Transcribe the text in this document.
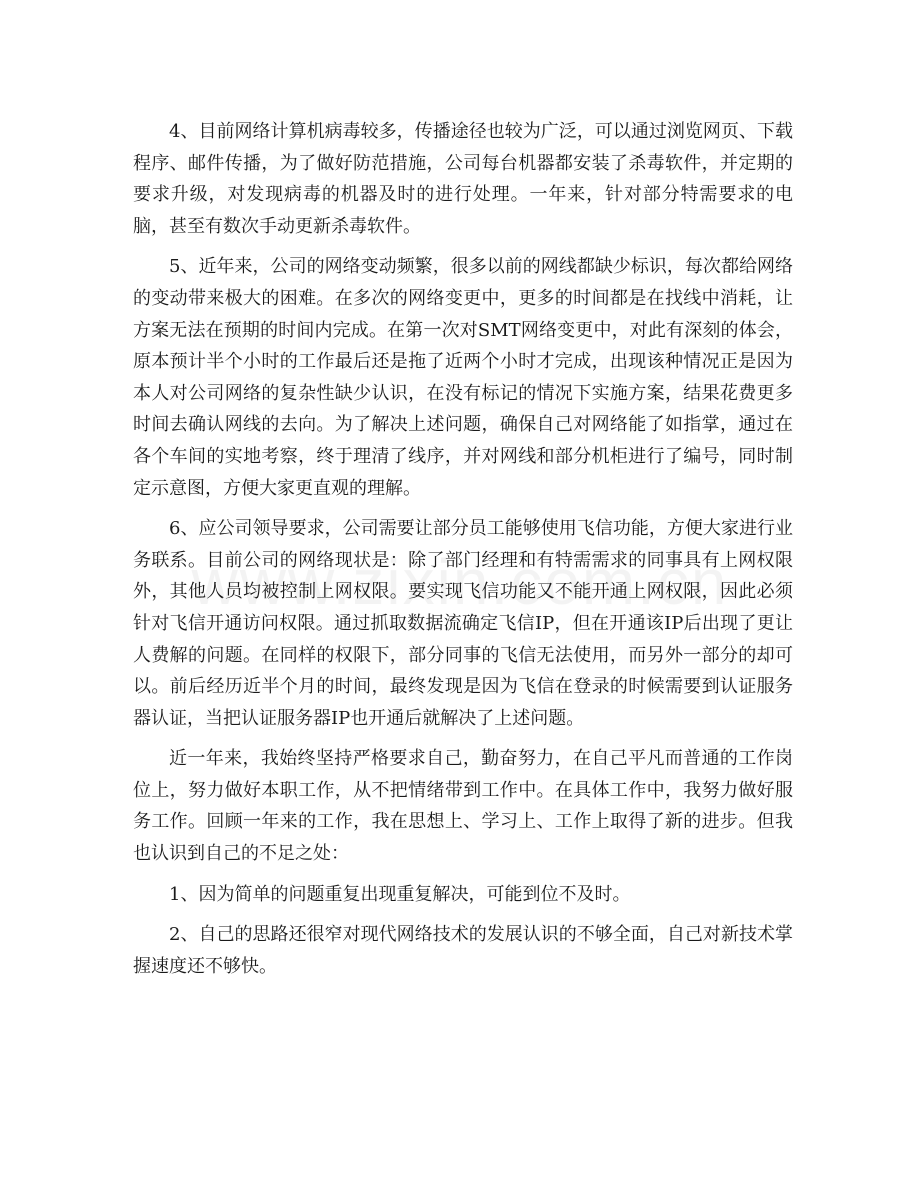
4、目前网络计算机病毒较多，传播途径也较为广泛，可以通过浏览网页、下载程序、邮件传播，为了做好防范措施，公司每台机器都安装了杀毒软件，并定期的要求升级，对发现病毒的机器及时的进行处理。一年来，针对部分特需要求的电脑，甚至有数次手动更新杀毒软件。

5、近年来，公司的网络变动频繁，很多以前的网线都缺少标识，每次都给网络的变动带来极大的困难。在多次的网络变更中，更多的时间都是在找线中消耗，让方案无法在预期的时间内完成。在第一次对SMT网络变更中，对此有深刻的体会，原本预计半个小时的工作最后还是拖了近两个小时才完成，出现该种情况正是因为本人对公司网络的复杂性缺少认识，在没有标记的情况下实施方案，结果花费更多时间去确认网线的去向。为了解决上述问题，确保自己对网络能了如指掌，通过在各个车间的实地考察，终于理清了线序，并对网线和部分机柜进行了编号，同时制定示意图，方便大家更直观的理解。

6、应公司领导要求，公司需要让部分员工能够使用飞信功能，方便大家进行业务联系。目前公司的网络现状是：除了部门经理和有特需需求的同事具有上网权限外，其他人员均被控制上网权限。要实现飞信功能又不能开通上网权限，因此必须针对飞信开通访问权限。通过抓取数据流确定飞信IP，但在开通该IP后出现了更让人费解的问题。在同样的权限下，部分同事的飞信无法使用，而另外一部分的却可以。前后经历近半个月的时间，最终发现是因为飞信在登录的时候需要到认证服务器认证，当把认证服务器IP也开通后就解决了上述问题。

近一年来，我始终坚持严格要求自己，勤奋努力，在自己平凡而普通的工作岗位上，努力做好本职工作，从不把情绪带到工作中。在具体工作中，我努力做好服务工作。回顾一年来的工作，我在思想上、学习上、工作上取得了新的进步。但我也认识到自己的不足之处：

1、因为简单的问题重复出现重复解决，可能到位不及时。

2、自己的思路还很窄对现代网络技术的发展认识的不够全面，自己对新技术掌握速度还不够快。
